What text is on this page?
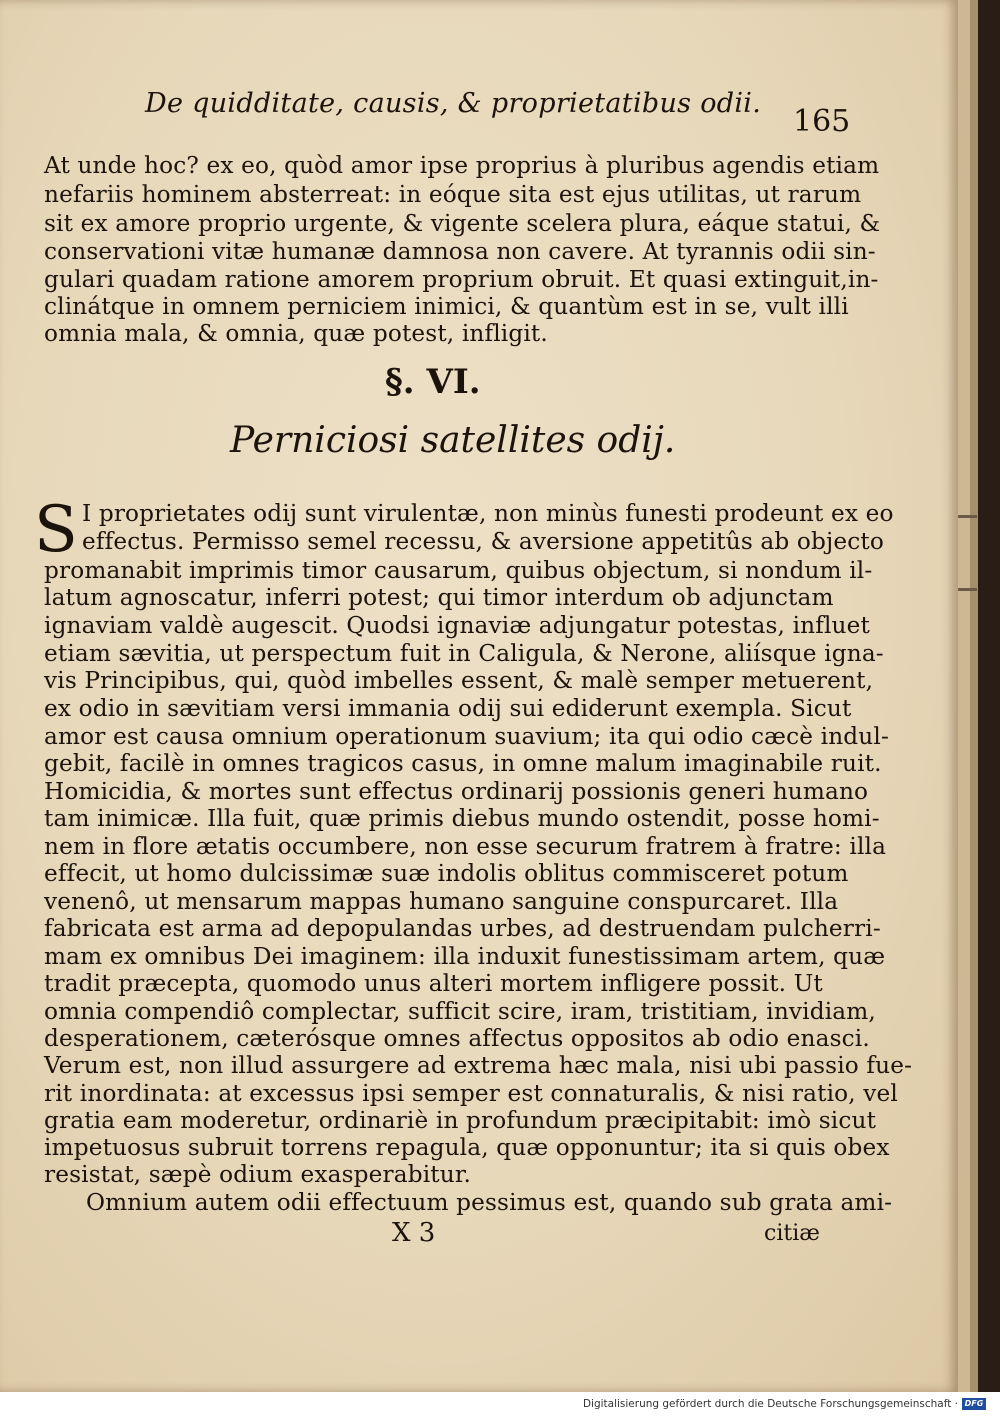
De quidditate, causis, & proprietatibus odii.
165
At unde hoc? ex eo, quòd amor ipse proprius à pluribus agendis etiam
nefariis hominem absterreat: in eóque sita est ejus utilitas, ut rarum
sit ex amore proprio urgente, & vigente scelera plura, eáque statui, &
conservationi vitæ humanæ damnosa non cavere. At tyrannis odii sin-
gulari quadam ratione amorem proprium obruit. Et quasi extinguit,in-
clinátque in omnem perniciem inimici, & quantùm est in se, vult illi
omnia mala, & omnia, quæ potest, infligit.
§. VI.
Perniciosi satellites odij.
S I proprietates odij sunt virulentæ, non minùs funesti prodeunt ex eo
effectus. Permisso semel recessu, & aversione appetitûs ab objecto
promanabit imprimis timor causarum, quibus objectum, si nondum il-
latum agnoscatur, inferri potest; qui timor interdum ob adjunctam
ignaviam valdè augescit. Quodsi ignaviæ adjungatur potestas, influet
etiam sævitia, ut perspectum fuit in Caligula, & Nerone, aliísque igna-
vis Principibus, qui, quòd imbelles essent, & malè semper metuerent,
ex odio in sævitiam versi immania odij sui ediderunt exempla. Sicut
amor est causa omnium operationum suavium; ita qui odio cæcè indul-
gebit, facilè in omnes tragicos casus, in omne malum imaginabile ruit.
Homicidia, & mortes sunt effectus ordinarij possionis generi humano
tam inimicæ. Illa fuit, quæ primis diebus mundo ostendit, posse homi-
nem in flore ætatis occumbere, non esse securum fratrem à fratre: illa
effecit, ut homo dulcissimæ suæ indolis oblitus commisceret potum
venenô, ut mensarum mappas humano sanguine conspurcaret. Illa
fabricata est arma ad depopulandas urbes, ad destruendam pulcherri-
mam ex omnibus Dei imaginem: illa induxit funestissimam artem, quæ
tradit præcepta, quomodo unus alteri mortem infligere possit. Ut
omnia compendiô complectar, sufficit scire, iram, tristitiam, invidiam,
desperationem, cæterósque omnes affectus oppositos ab odio enasci.
Verum est, non illud assurgere ad extrema hæc mala, nisi ubi passio fue-
rit inordinata: at excessus ipsi semper est connaturalis, & nisi ratio, vel
gratia eam moderetur, ordinariè in profundum præcipitabit: imò sicut
impetuosus subruit torrens repagula, quæ opponuntur; ita si quis obex
resistat, sæpè odium exasperabitur.
Omnium autem odii effectuum pessimus est, quando sub grata ami-
X 3	citiæ
Digitalisierung gefördert durch die Deutsche Forschungsgemeinschaft · DFG
